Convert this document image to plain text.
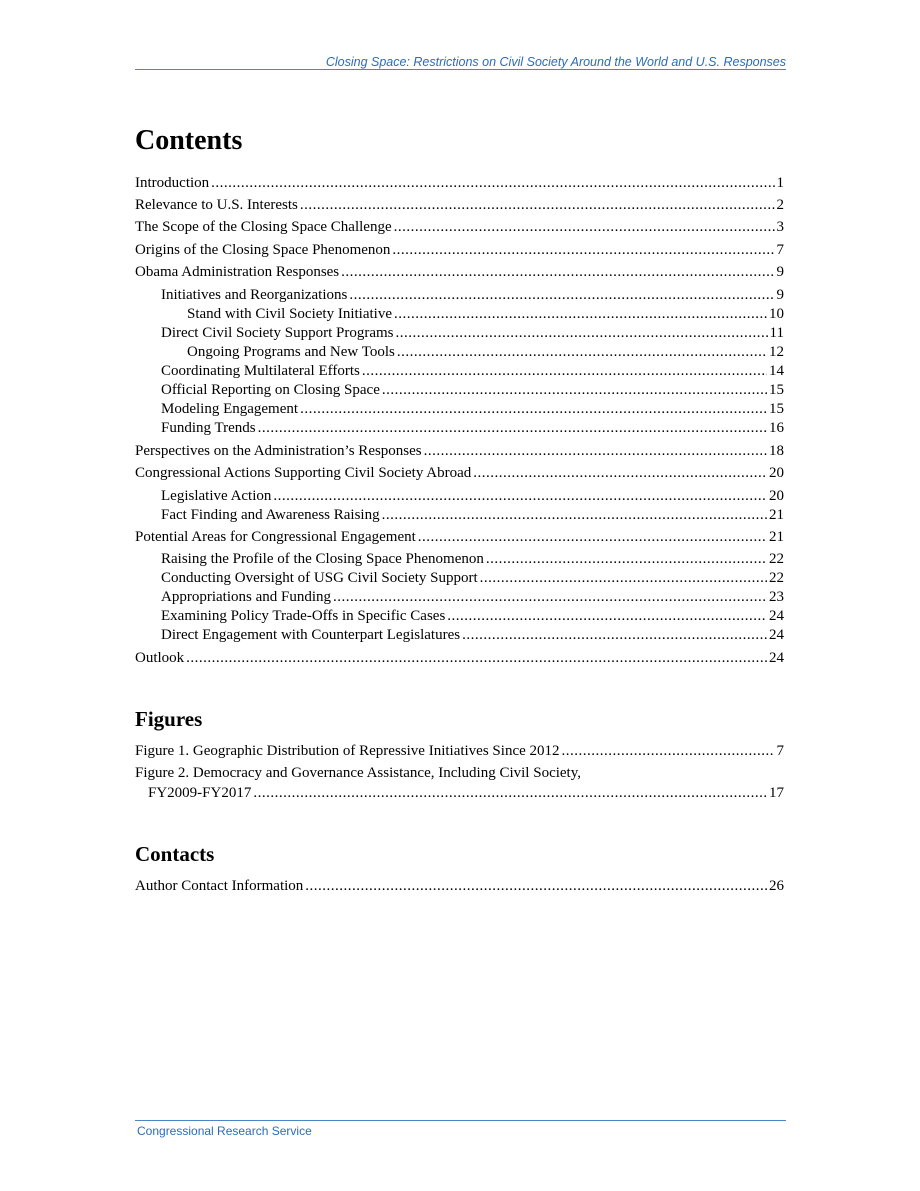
Closing Space: Restrictions on Civil Society Around the World and U.S. Responses
Contents
Introduction .....	1
Relevance to U.S. Interests .....	2
The Scope of the Closing Space Challenge .....	3
Origins of the Closing Space Phenomenon .....	7
Obama Administration Responses .....	9
Initiatives and Reorganizations .....	9
Stand with Civil Society Initiative .....	10
Direct Civil Society Support Programs .....	11
Ongoing Programs and New Tools .....	12
Coordinating Multilateral Efforts .....	14
Official Reporting on Closing Space .....	15
Modeling Engagement .....	15
Funding Trends .....	16
Perspectives on the Administration’s Responses .....	18
Congressional Actions Supporting Civil Society Abroad .....	20
Legislative Action .....	20
Fact Finding and Awareness Raising .....	21
Potential Areas for Congressional Engagement .....	21
Raising the Profile of the Closing Space Phenomenon .....	22
Conducting Oversight of USG Civil Society Support .....	22
Appropriations and Funding .....	23
Examining Policy Trade-Offs in Specific Cases .....	24
Direct Engagement with Counterpart Legislatures .....	24
Outlook .....	24
Figures
Figure 1. Geographic Distribution of Repressive Initiatives Since 2012 .....	7
Figure 2. Democracy and Governance Assistance, Including Civil Society,
FY2009-FY2017 .....	17
Contacts
Author Contact Information .....	26
Congressional Research Service
